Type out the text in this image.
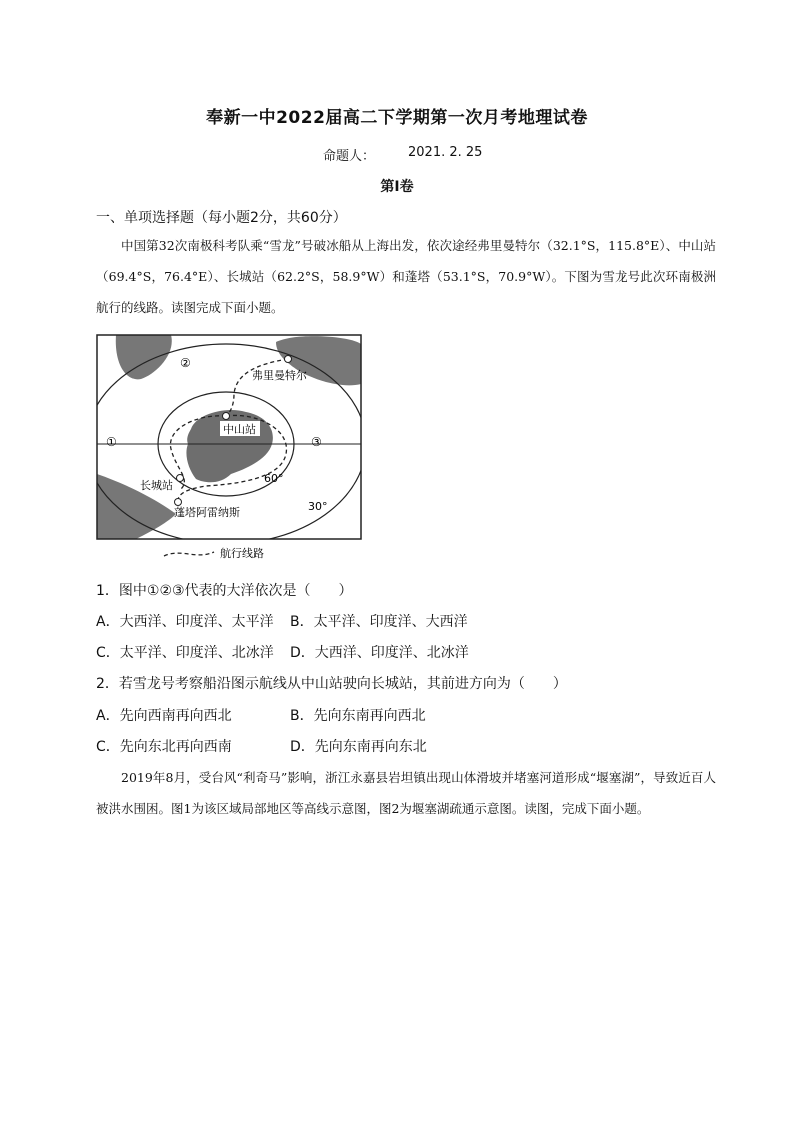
奉新一中2022届高二下学期第一次月考地理试卷
命题人：	2021. 2. 25
第Ⅰ卷
一、单项选择题（每小题2分，共60分）
中国第32次南极科考队乘“雪龙”号破冰船从上海出发，依次途经弗里曼特尔（32.1°S，115.8°E）、中山站（69.4°S，76.4°E）、长城站（62.2°S，58.9°W）和蓬塔（53.1°S，70.9°W）。下图为雪龙号此次环南极洲航行的线路。读图完成下面小题。
②
①	③
弗里曼特尔
中山站
长城站
蓬塔阿雷纳斯
60°
30°
航行线路
1．图中①②③代表的大洋依次是（　　）
A．大西洋、印度洋、太平洋 B．太平洋、印度洋、大西洋
C．太平洋、印度洋、北冰洋 D．大西洋、印度洋、北冰洋
2．若雪龙号考察船沿图示航线从中山站驶向长城站，其前进方向为（　　）
A．先向西南再向西北	B．先向东南再向西北
C．先向东北再向西南	D．先向东南再向东北
2019年8月，受台风“利奇马”影响，浙江永嘉县岩坦镇出现山体滑坡并堵塞河道形成“堰塞湖”，导致近百人被洪水围困。图1为该区域局部地区等高线示意图，图2为堰塞湖疏通示意图。读图，完成下面小题。
